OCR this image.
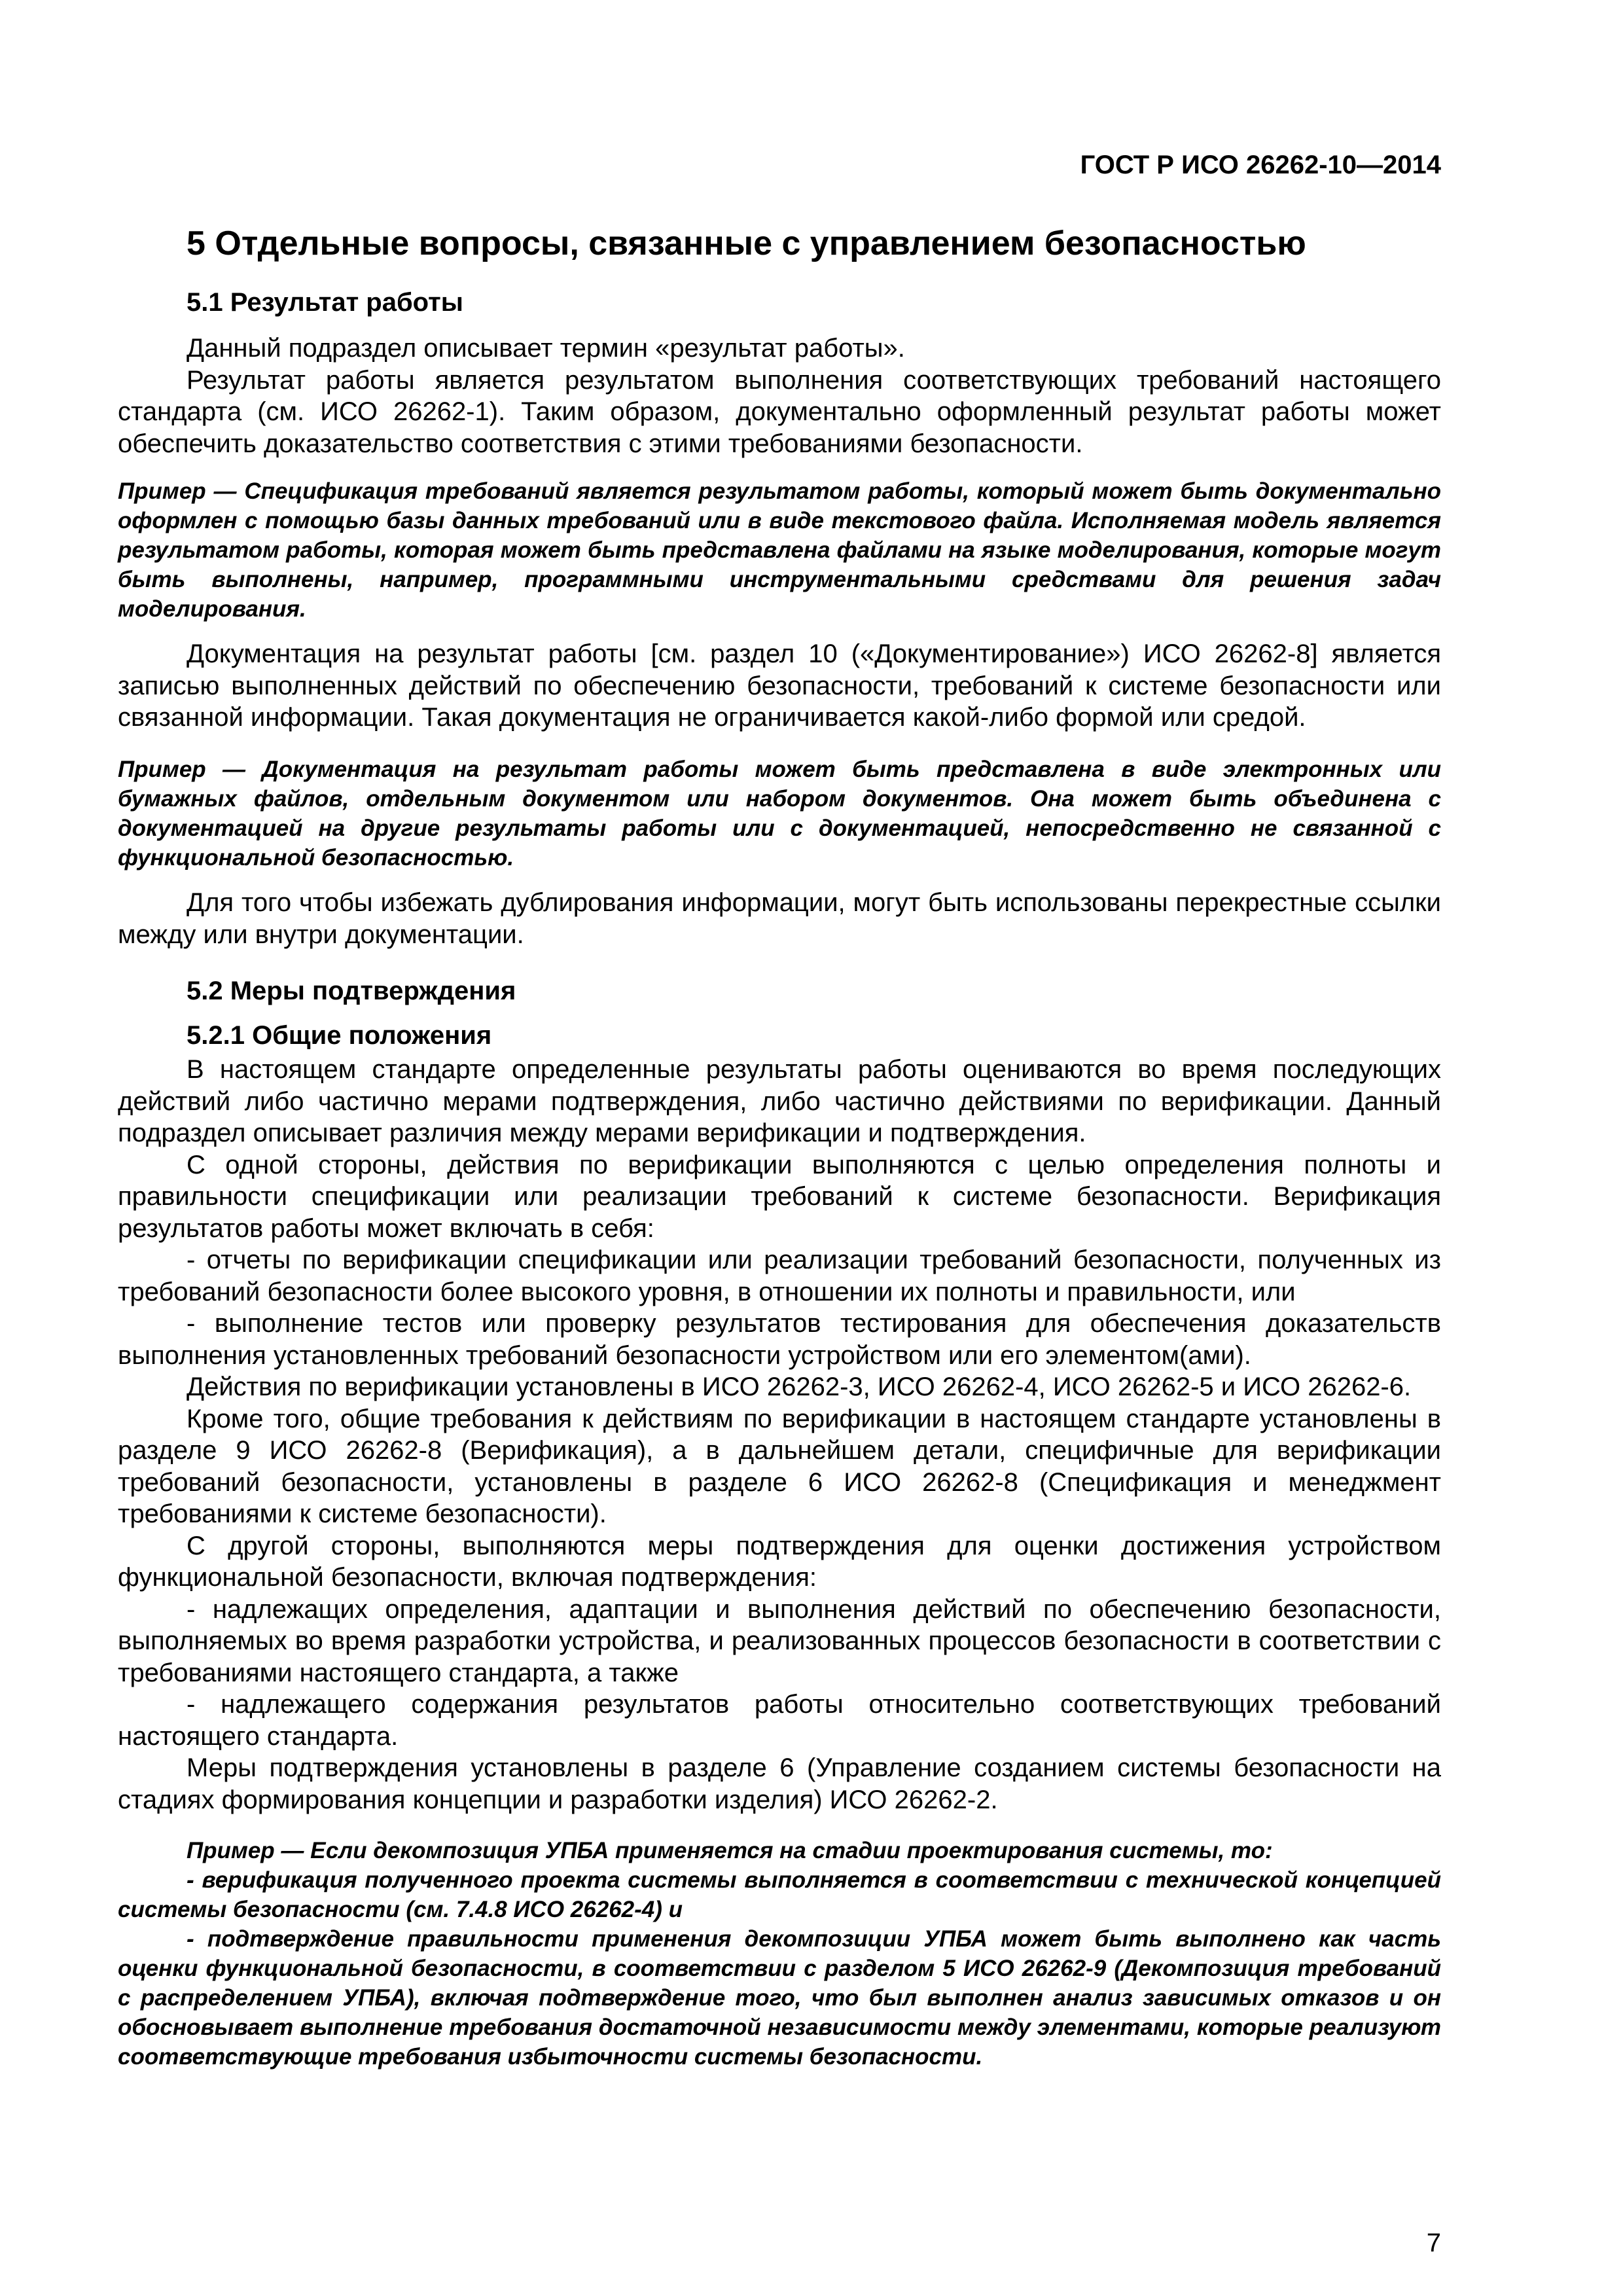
ГОСТ Р ИСО 26262-10—2014
5 Отдельные вопросы, связанные с управлением безопасностью
5.1 Результат работы

Данный подраздел описывает термин «результат работы».

Результат работы является результатом выполнения соответствующих требований настоящего стандарта (см. ИСО 26262-1). Таким образом, документально оформленный результат работы может обеспечить доказательство соответствия с этими требованиями безопасности.

Пример — Спецификация требований является результатом работы, который может быть документально оформлен с помощью базы данных требований или в виде текстового файла. Исполняемая модель является результатом работы, которая может быть представлена файлами на языке моделирования, которые могут быть выполнены, например, программными инструментальными средствами для решения задач моделирования.

Документация на результат работы [см. раздел 10 («Документирование») ИСО 26262-8] является записью выполненных действий по обеспечению безопасности, требований к системе безопасности или связанной информации. Такая документация не ограничивается какой-либо формой или средой.

Пример — Документация на результат работы может быть представлена в виде электронных или бумажных файлов, отдельным документом или набором документов. Она может быть объединена с документацией на другие результаты работы или с документацией, непосредственно не связанной с функциональной безопасностью.

Для того чтобы избежать дублирования информации, могут быть использованы перекрестные ссылки между или внутри документации.

5.2 Меры подтверждения
5.2.1 Общие положения

В настоящем стандарте определенные результаты работы оцениваются во время последующих действий либо частично мерами подтверждения, либо частично действиями по верификации. Данный подраздел описывает различия между мерами верификации и подтверждения.

С одной стороны, действия по верификации выполняются с целью определения полноты и правильности спецификации или реализации требований к системе безопасности. Верификация результатов работы может включать в себя:

- отчеты по верификации спецификации или реализации требований безопасности, полученных из требований безопасности более высокого уровня, в отношении их полноты и правильности, или

- выполнение тестов или проверку результатов тестирования для обеспечения доказательств выполнения установленных требований безопасности устройством или его элементом(ами).

Действия по верификации установлены в ИСО 26262-3, ИСО 26262-4, ИСО 26262-5 и ИСО 26262-6.

Кроме того, общие требования к действиям по верификации в настоящем стандарте установлены в разделе 9 ИСО 26262-8 (Верификация), а в дальнейшем детали, специфичные для верификации требований безопасности, установлены в разделе 6 ИСО 26262-8 (Спецификация и менеджмент требованиями к системе безопасности).

С другой стороны, выполняются меры подтверждения для оценки достижения устройством функциональной безопасности, включая подтверждения:

- надлежащих определения, адаптации и выполнения действий по обеспечению безопасности, выполняемых во время разработки устройства, и реализованных процессов безопасности в соответствии с требованиями настоящего стандарта, а также

- надлежащего содержания результатов работы относительно соответствующих требований настоящего стандарта.

Меры подтверждения установлены в разделе 6 (Управление созданием системы безопасности на стадиях формирования концепции и разработки изделия) ИСО 26262-2.

Пример — Если декомпозиция УПБА применяется на стадии проектирования системы, то:

- верификация полученного проекта системы выполняется в соответствии с технической концепцией системы безопасности (см. 7.4.8 ИСО 26262-4) и

- подтверждение правильности применения декомпозиции УПБА может быть выполнено как часть оценки функциональной безопасности, в соответствии с разделом 5 ИСО 26262-9 (Декомпозиция требований с распределением УПБА), включая подтверждение того, что был выполнен анализ зависимых отказов и он обосновывает выполнение требования достаточной независимости между элементами, которые реализуют соответствующие требования избыточности системы безопасности.

7
